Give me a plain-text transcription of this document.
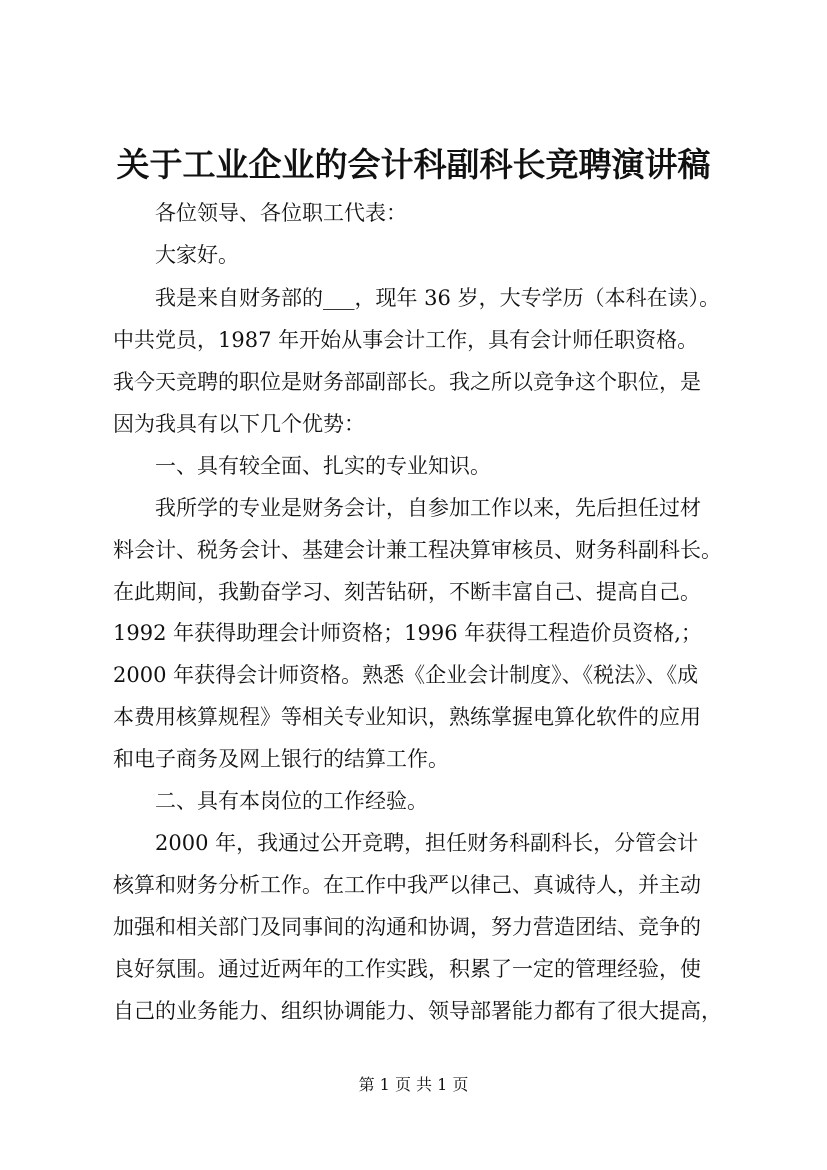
关于工业企业的会计科副科长竞聘演讲稿
各位领导、各位职工代表：
大家好。
我是来自财务部的___，现年 36 岁，大专学历（本科在读）。
中共党员，1987 年开始从事会计工作，具有会计师任职资格。
我今天竞聘的职位是财务部副部长。我之所以竞争这个职位，是
因为我具有以下几个优势：
一、具有较全面、扎实的专业知识。
我所学的专业是财务会计，自参加工作以来，先后担任过材
料会计、税务会计、基建会计兼工程决算审核员、财务科副科长。
在此期间，我勤奋学习、刻苦钻研，不断丰富自己、提高自己。
1992 年获得助理会计师资格；1996 年获得工程造价员资格,；
2000 年获得会计师资格。熟悉《企业会计制度》、《税法》、《成
本费用核算规程》等相关专业知识，熟练掌握电算化软件的应用
和电子商务及网上银行的结算工作。
二、具有本岗位的工作经验。
2000 年，我通过公开竞聘，担任财务科副科长，分管会计
核算和财务分析工作。在工作中我严以律己、真诚待人，并主动
加强和相关部门及同事间的沟通和协调，努力营造团结、竞争的
良好氛围。通过近两年的工作实践，积累了一定的管理经验，使
自己的业务能力、组织协调能力、领导部署能力都有了很大提高，
第 1 页 共 1 页
